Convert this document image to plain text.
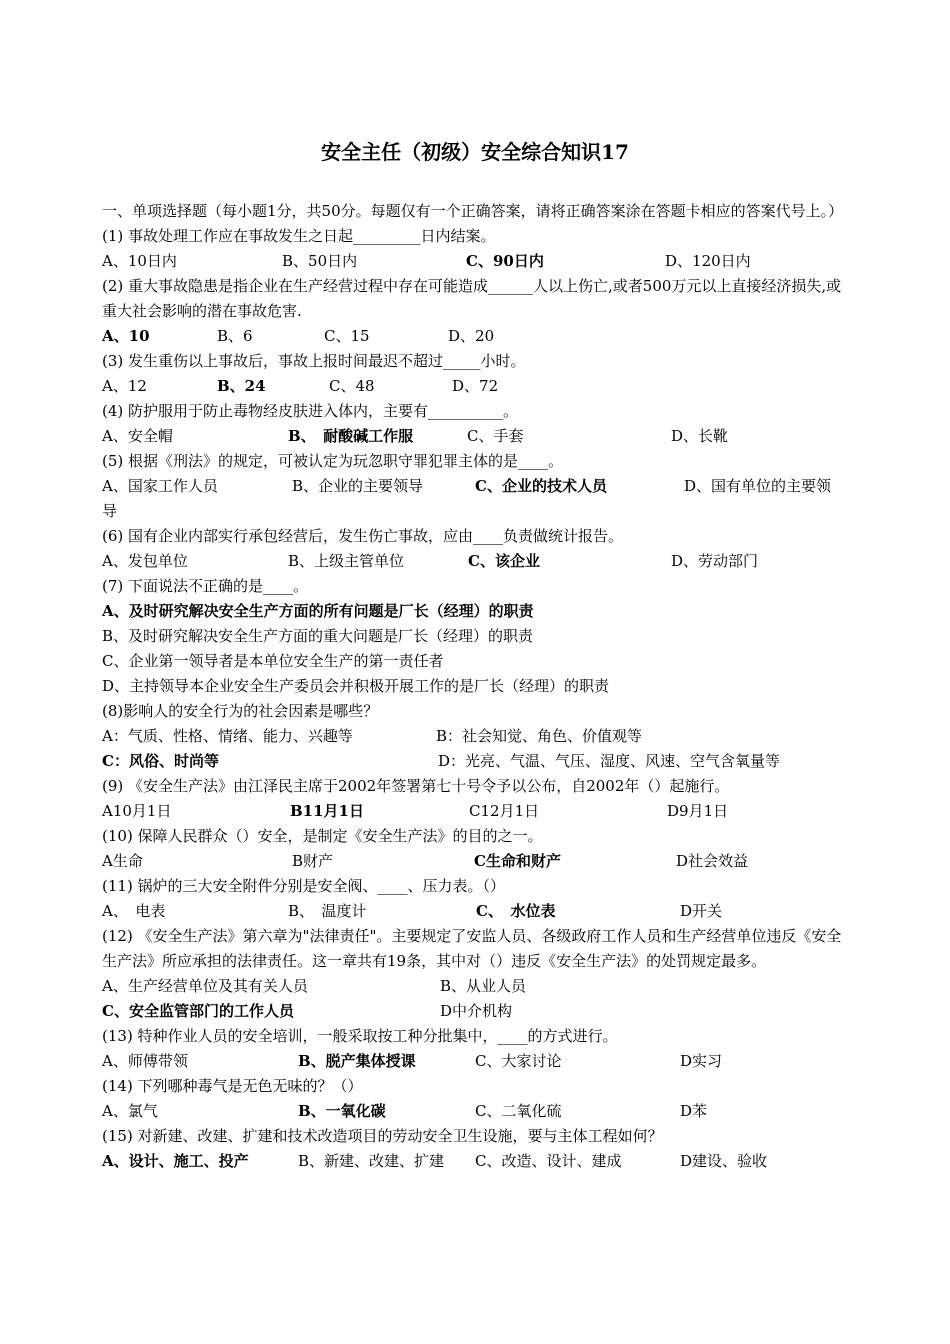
安全主任（初级）安全综合知识17
一、单项选择题（每小题1分，共50分。每题仅有一个正确答案，请将正确答案涂在答题卡相应的答案代号上。）
(1) 事故处理工作应在事故发生之日起_________日内结案。
A、10日内	B、50日内	C、90日内	D、120日内
(2) 重大事故隐患是指企业在生产经营过程中存在可能造成______人以上伤亡,或者500万元以上直接经济损失,或重大社会影响的潜在事故危害.
A、10	B、6	C、15	D、20
(3) 发生重伤以上事故后，事故上报时间最迟不超过_____小时。
A、12	B、24	C、48	D、72
(4) 防护服用于防止毒物经皮肤进入体内，主要有__________。
A、安全帽	B、　耐酸碱工作服	C、手套	D、长靴
(5) 根据《刑法》的规定，可被认定为玩忽职守罪犯罪主体的是____。
A、国家工作人员	B、企业的主要领导	C、企业的技术人员	D、国有单位的主要领
导
(6) 国有企业内部实行承包经营后，发生伤亡事故，应由____负责做统计报告。
A、发包单位	B、上级主管单位	C、该企业	D、劳动部门
(7) 下面说法不正确的是____。
A、及时研究解决安全生产方面的所有问题是厂长（经理）的职责
B、及时研究解决安全生产方面的重大问题是厂长（经理）的职责
C、企业第一领导者是本单位安全生产的第一责任者
D、主持领导本企业安全生产委员会并积极开展工作的是厂长（经理）的职责
(8)影响人的安全行为的社会因素是哪些？
A：气质、性格、情绪、能力、兴趣等	B：社会知觉、角色、价值观等
C：风俗、时尚等	D：光亮、气温、气压、湿度、风速、空气含氧量等
(9) 《安全生产法》由江泽民主席于2002年签署第七十号令予以公布，自2002年（）起施行。
A10月1日	B11月1日	C12月1日	D9月1日
(10) 保障人民群众（）安全，是制定《安全生产法》的目的之一。
A生命	B财产	C生命和财产	D社会效益
(11) 锅炉的三大安全附件分别是安全阀、____、压力表。（）
A、　电表	B、　温度计	C、　水位表	D开关
(12) 《安全生产法》第六章为"法律责任"。主要规定了安监人员、各级政府工作人员和生产经营单位违反《安全生产法》所应承担的法律责任。这一章共有19条，其中对（）违反《安全生产法》的处罚规定最多。
A、生产经营单位及其有关人员	B、从业人员
C、安全监管部门的工作人员	D中介机构
(13) 特种作业人员的安全培训，一般采取按工种分批集中，____的方式进行。
A、师傅带领	B、脱产集体授课	C、大家讨论	D实习
(14) 下列哪种毒气是无色无味的？（）
A、氯气	B、一氧化碳	C、二氧化硫	D苯
(15) 对新建、改建、扩建和技术改造项目的劳动安全卫生设施，要与主体工程如何？
A、设计、施工、投产	B、新建、改建、扩建 C、改造、设计、建成	D建设、验收
